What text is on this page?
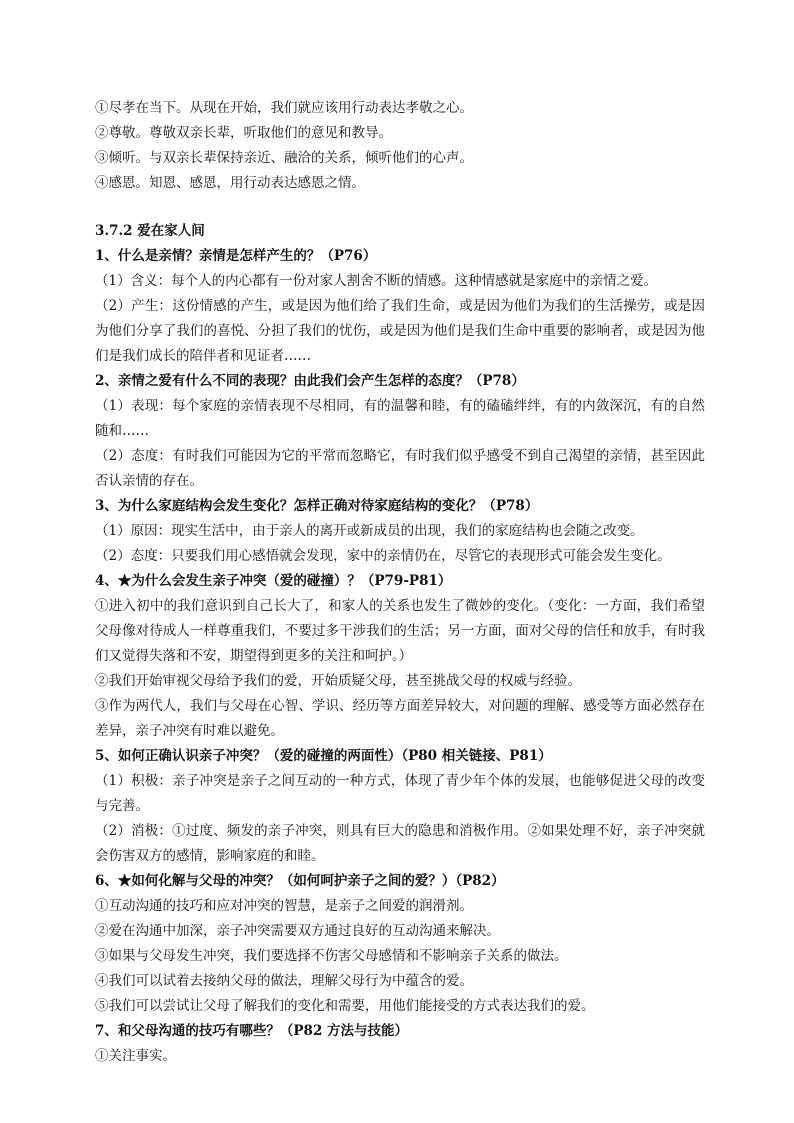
①尽孝在当下。从现在开始，我们就应该用行动表达孝敬之心。

②尊敬。尊敬双亲长辈，听取他们的意见和教导。

③倾听。与双亲长辈保持亲近、融洽的关系，倾听他们的心声。

④感恩。知恩、感恩，用行动表达感恩之情。

3.7.2 爱在家人间

1、什么是亲情？亲情是怎样产生的？（P76）

（1）含义：每个人的内心都有一份对家人割舍不断的情感。这种情感就是家庭中的亲情之爱。

（2）产生：这份情感的产生，或是因为他们给了我们生命，或是因为他们为我们的生活操劳，或是因为他们分享了我们的喜悦、分担了我们的忧伤，或是因为他们是我们生命中重要的影响者，或是因为他们是我们成长的陪伴者和见证者……

2、亲情之爱有什么不同的表现？由此我们会产生怎样的态度？（P78）

（1）表现：每个家庭的亲情表现不尽相同，有的温馨和睦，有的磕磕绊绊，有的内敛深沉，有的自然随和……

（2）态度：有时我们可能因为它的平常而忽略它，有时我们似乎感受不到自己渴望的亲情，甚至因此否认亲情的存在。

3、为什么家庭结构会发生变化？怎样正确对待家庭结构的变化？（P78）

（1）原因：现实生活中，由于亲人的离开或新成员的出现，我们的家庭结构也会随之改变。

（2）态度：只要我们用心感悟就会发现，家中的亲情仍在，尽管它的表现形式可能会发生变化。

4、★为什么会发生亲子冲突（爱的碰撞）？（P79-P81）

①进入初中的我们意识到自己长大了，和家人的关系也发生了微妙的变化。（变化：一方面，我们希望父母像对待成人一样尊重我们，不要过多干涉我们的生活；另一方面，面对父母的信任和放手，有时我们又觉得失落和不安，期望得到更多的关注和呵护。）

②我们开始审视父母给予我们的爱，开始质疑父母，甚至挑战父母的权威与经验。

③作为两代人，我们与父母在心智、学识、经历等方面差异较大，对问题的理解、感受等方面必然存在差异，亲子冲突有时难以避免。

5、如何正确认识亲子冲突？（爱的碰撞的两面性）（P80 相关链接、P81）

（1）积极：亲子冲突是亲子之间互动的一种方式，体现了青少年个体的发展，也能够促进父母的改变与完善。

（2）消极：①过度、频发的亲子冲突，则具有巨大的隐患和消极作用。②如果处理不好，亲子冲突就会伤害双方的感情，影响家庭的和睦。

6、★如何化解与父母的冲突？（如何呵护亲子之间的爱？）（P82）

①互动沟通的技巧和应对冲突的智慧，是亲子之间爱的润滑剂。

②爱在沟通中加深，亲子冲突需要双方通过良好的互动沟通来解决。

③如果与父母发生冲突，我们要选择不伤害父母感情和不影响亲子关系的做法。

④我们可以试着去接纳父母的做法，理解父母行为中蕴含的爱。

⑤我们可以尝试让父母了解我们的变化和需要，用他们能接受的方式表达我们的爱。

7、和父母沟通的技巧有哪些？（P82 方法与技能）

①关注事实。
